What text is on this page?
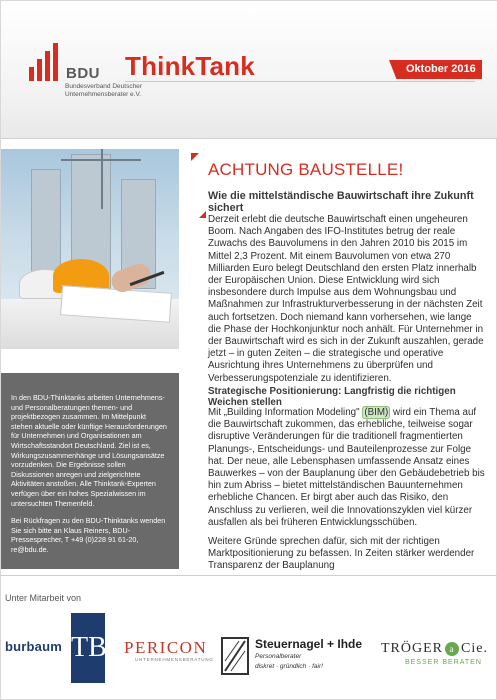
BDU
Bundesverband Deutscher
Unternehmensberater e.V.
ThinkTank	Oktober 2016

In den BDU-Thinktanks arbeiten Unternehmens- und Personalberatungen themen- und projektbezogen zusammen. Im Mittelpunkt stehen aktuelle oder künftige Herausforderungen für Unternehmen und Organisationen am Wirtschaftsstandort Deutschland. Ziel ist es, Wirkungszusammenhänge und Lösungsansätze vorzudenken. Die Ergebnisse sollen Diskussionen anregen und zielgerichtete Aktivitäten anstoßen. Alle Thinktank-Experten verfügen über ein hohes Spezialwissen im untersuchten Themenfeld.

Bei Rückfragen zu den BDU-Thinktanks wenden Sie sich bitte an Klaus Reiners, BDU-Pressesprecher, T +49 (0)228 91 61-20, re@bdu.de.

ACHTUNG BAUSTELLE!
Wie die mittelständische Bauwirtschaft ihre Zukunft sichert
Derzeit erlebt die deutsche Bauwirtschaft einen ungeheuren Boom. Nach Angaben des IFO-Institutes betrug der reale Zuwachs des Bauvolumens in den Jahren 2010 bis 2015 im Mittel 2,3 Prozent. Mit einem Bauvolumen von etwa 270 Milliarden Euro belegt Deutschland den ersten Platz innerhalb der Europäischen Union. Diese Entwicklung wird sich insbesondere durch Impulse aus dem Wohnungsbau und Maßnahmen zur Infrastrukturverbesserung in der nächsten Zeit auch fortsetzen. Doch niemand kann vorhersehen, wie lange die Phase der Hochkonjunktur noch anhält. Für Unternehmer in der Bauwirtschaft wird es sich in der Zukunft auszahlen, gerade jetzt – in guten Zeiten – die strategische und operative Ausrichtung ihres Unternehmens zu überprüfen und Verbesserungspotenziale zu identifizieren.
Strategische Positionierung: Langfristig die richtigen Weichen stellen
Mit „Building Information Modeling" (BIM) wird ein Thema auf die Bauwirtschaft zukommen, das erhebliche, teilweise sogar disruptive Veränderungen für die traditionell fragmentierten Planungs-, Entscheidungs- und Bauteilenprozesse zur Folge hat. Der neue, alle Lebensphasen umfassende Ansatz eines Bauwerkes – von der Bauplanung über den Gebäudebetrieb bis hin zum Abriss – bietet mittelständischen Bauunternehmen erhebliche Chancen. Er birgt aber auch das Risiko, den Anschluss zu verlieren, weil die Innovationszyklen viel kürzer ausfallen als bei früheren Entwicklungsschüben.
Weitere Gründe sprechen dafür, sich mit der richtigen Marktpositionierung zu befassen. In Zeiten stärker werdender Transparenz der Bauplanung
Unter Mitarbeit von
burbaum TB PERICON
UNTERNEHMENSBERATUNG
Steuernagel + Ihde
Personalberater
diskret · gründlich · fair!
TRÖGER a Cie.
BESSER BERATEN
